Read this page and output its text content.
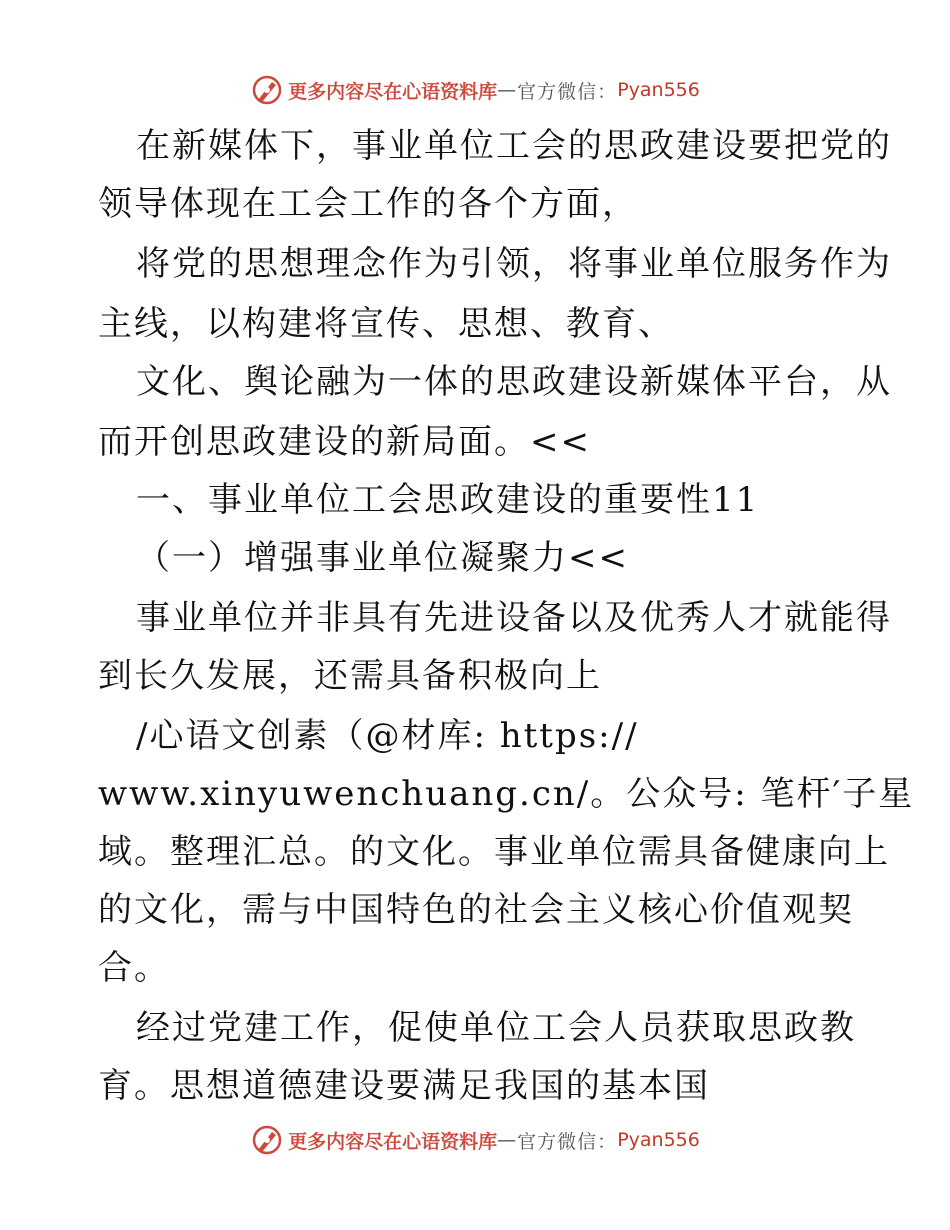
更多内容尽在心语资料库 — 官方微信： Pyan556
在新媒体下，事业单位工会的思政建设要把党的
领导体现在工会工作的各个方面，
将党的思想理念作为引领，将事业单位服务作为
主线，以构建将宣传、思想、教育、
文化、舆论融为一体的思政建设新媒体平台，从
而开创思政建设的新局面。<<
一、事业单位工会思政建设的重要性11
（一）增强事业单位凝聚力<<
事业单位并非具有先进设备以及优秀人才就能得
到长久发展，还需具备积极向上
/心语文创素（@材库: https://
www.xinyuwenchuang.cn/。公众号: 笔杆′子星
域。整理汇总。的文化。事业单位需具备健康向上
的文化，需与中国特色的社会主义核心价值观契
合。
经过党建工作，促使单位工会人员获取思政教
育。思想道德建设要满足我国的基本国
更多内容尽在心语资料库 — 官方微信： Pyan556
